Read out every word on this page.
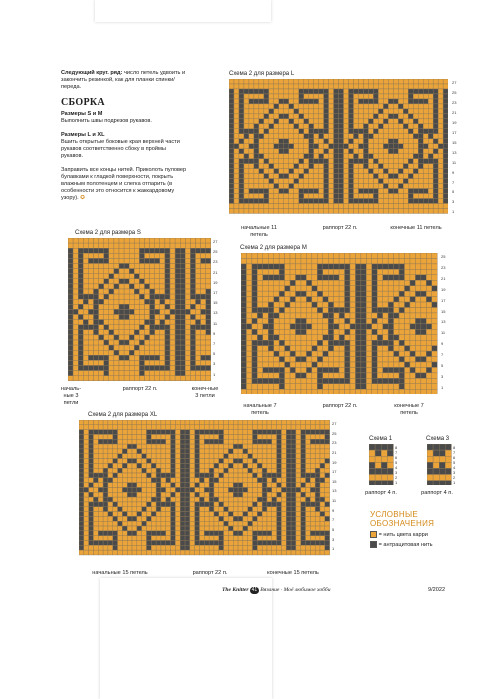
Следующий круг. ряд: число петель удвоить и закончить резинкой, как для планки спинки/переда.
СБОРКА
Размеры S и M
Выполнить швы подрезов рукавов.
Размеры L и XL
Вшить открытые боковые края верхней части рукавов соответственно сбоку в проймы рукавов.
Заправить все концы нитей. Приколоть пуловер булавками к гладкой поверхности, покрыть влажным полотенцем и слегка отпарить (в особенности это относится к жаккардовому узору). ✪
Схема 2 для размера L
27
25
23
21
19
17
15
13
11
9
7
5
3
1
начальные 11 петель
раппорт 22 п.	конечные 11 петель
Схема 2 для размера S
27
25
23
21
19
17
15
13
11
9
7
5
3
1
началь-ные 3 петли
раппорт 22 п.	конеч-ные 3 петли
Схема 2 для размера M
25
23
21
19
17
15
13
11
9
7
5
3
1
начальные 7 петель
раппорт 22 п.	конечные 7 петель
Схема 2 для размера XL
27
25
23
21
19
17
15
13
11
9
7
5
3
1
начальные 15 петель	раппорт 22 п.	конечные 15 петель
Схема 1
8
7
6
5
4
3
2
1
раппорт 4 п.
Схема 3
8
7
6
5
4
3
2
1
раппорт 4 п.
УСЛОВНЫЕ
ОБОЗНАЧЕНИЯ
= нить цвета карри
= антрацитовая нить
The Knitter 41 Вязание · Моё любимое хобби	9/2022
